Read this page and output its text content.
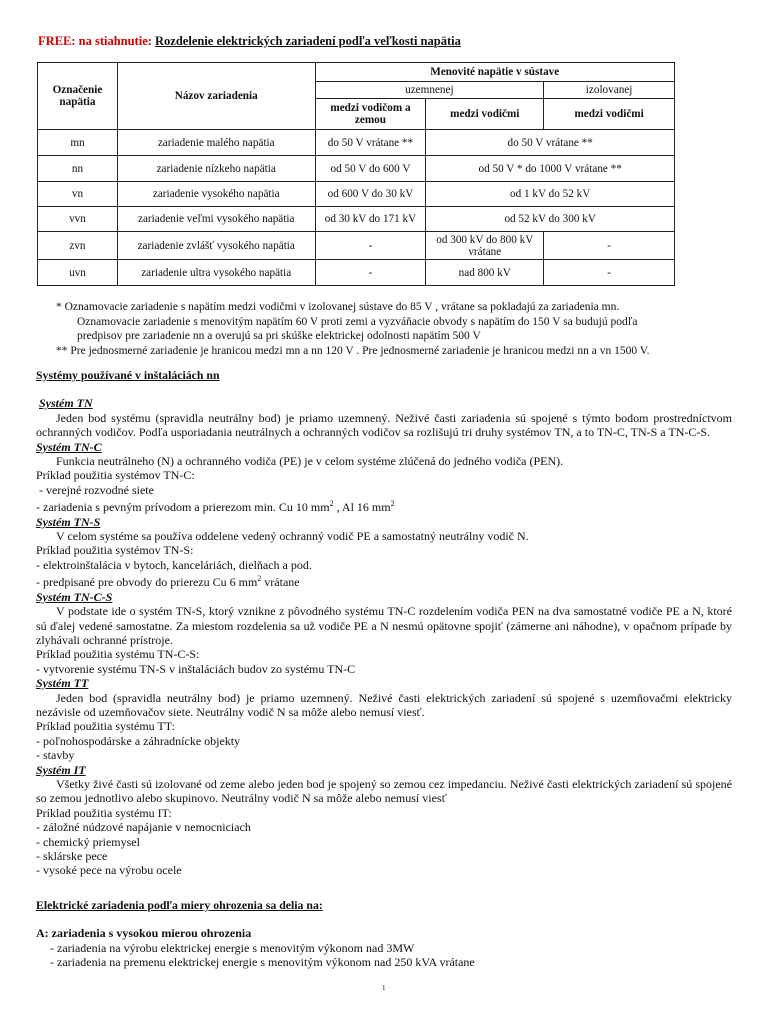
FREE: na stiahnutie: Rozdelenie elektrických zariadení podľa veľkosti napätia
Označenie napätia	Názov zariadenia	Menovité napätie v sústave		
		uzemnenej		izolovanej
		medzi vodičom a zemou	medzi vodičmi	medzi vodičmi
mn	zariadenie malého napätia	do 50 V vrátane **	do 50 V vrátane **	
nn	zariadenie nízkeho napätia	od 50 V do 600 V	od 50 V * do 1000 V vrátane **	
vn	zariadenie vysokého napätia	od 600 V do 30 kV	od 1 kV do 52 kV	
vvn	zariadenie veľmi vysokého napätia	od 30 kV do 171 kV	od 52 kV do 300 kV	
zvn	zariadenie zvlášť vysokého napätia	-	od 300 kV do 800 kV vrátane	-
uvn	zariadenie ultra vysokého napätia	-	nad 800 kV	-

* Oznamovacie zariadenie s napätím medzi vodičmi v izolovanej sústave do 85 V , vrátane sa pokladajú za zariadenia mn.

Oznamovacie zariadenie s menovitým napätím 60 V proti zemi a vyzváňacie obvody s napätím do 150 V sa budujú podľa

predpisov pre zariadenie nn a overujú sa pri skúške elektrickej odolnosti napätím 500 V

** Pre jednosmerné zariadenie je hranicou medzi mn a nn 120 V . Pre jednosmerné zariadenie je hranicou medzi nn a vn 1500 V.

Systémy používané v inštaláciách nn

Systém TN

Jeden bod systému (spravidla neutrálny bod) je priamo uzemnený. Neživé časti zariadenia sú spojené s týmto bodom prostredníctvom ochranných vodičov. Podľa usporiadania neutrálnych a ochranných vodičov sa rozlišujú tri druhy systémov TN, a to TN-C, TN-S a TN-C-S.

Systém TN-C

Funkcia neutrálneho (N) a ochranného vodiča (PE) je v celom systéme zlúčená do jedného vodiča (PEN).

Príklad použitia systémov TN-C:

- verejné rozvodné siete

- zariadenia s pevným prívodom a prierezom min. Cu 10 $mm^2$ , Al 16 $mm^2$

Systém TN-S

V celom systéme sa používa oddelene vedený ochranný vodič PE a samostatný neutrálny vodič N.

Príklad použitia systémov TN-S:

- elektroinštalácia v bytoch, kanceláriách, dielňach a pod.

- predpisané pre obvody do prierezu Cu 6 $mm^2$ vrátane

Systém TN-C-S

V podstate ide o systém TN-S, ktorý vznikne z pôvodného systému TN-C rozdelením vodiča PEN na dva samostatné vodiče PE a N, ktoré sú ďalej vedené samostatne. Za miestom rozdelenia sa už vodiče PE a N nesmú opätovne spojiť (zámerne ani náhodne), v opačnom prípade by zlyhávali ochranné prístroje.

Príklad použitia systému TN-C-S:

- vytvorenie systému TN-S v inštaláciách budov zo systému TN-C

Systém TT

Jeden bod (spravidla neutrálny bod) je priamo uzemnený. Neživé časti elektrických zariadení sú spojené s uzemňovačmi elektricky nezávisle od uzemňovačov siete. Neutrálny vodič N sa môže alebo nemusí viesť.

Príklad použitia systému TT:

- poľnohospodárske a záhradnícke objekty

- stavby

Systém IT

Všetky živé časti sú izolované od zeme alebo jeden bod je spojený so zemou cez impedanciu. Neživé časti elektrických zariadení sú spojené so zemou jednotlivo alebo skupinovo. Neutrálny vodič N sa môže alebo nemusí viesť

Príklad použitia systému IT:

- záložné núdzové napájanie v nemocniciach

- chemický priemysel

- sklárske pece

- vysoké pece na výrobu ocele

Elektrické zariadenia podľa miery ohrozenia sa delia na:

A: zariadenia s vysokou mierou ohrozenia

- zariadenia na výrobu elektrickej energie s menovitým výkonom nad 3MW

- zariadenia na premenu elektrickej energie s menovitým výkonom nad 250 kVA vrátane

1
